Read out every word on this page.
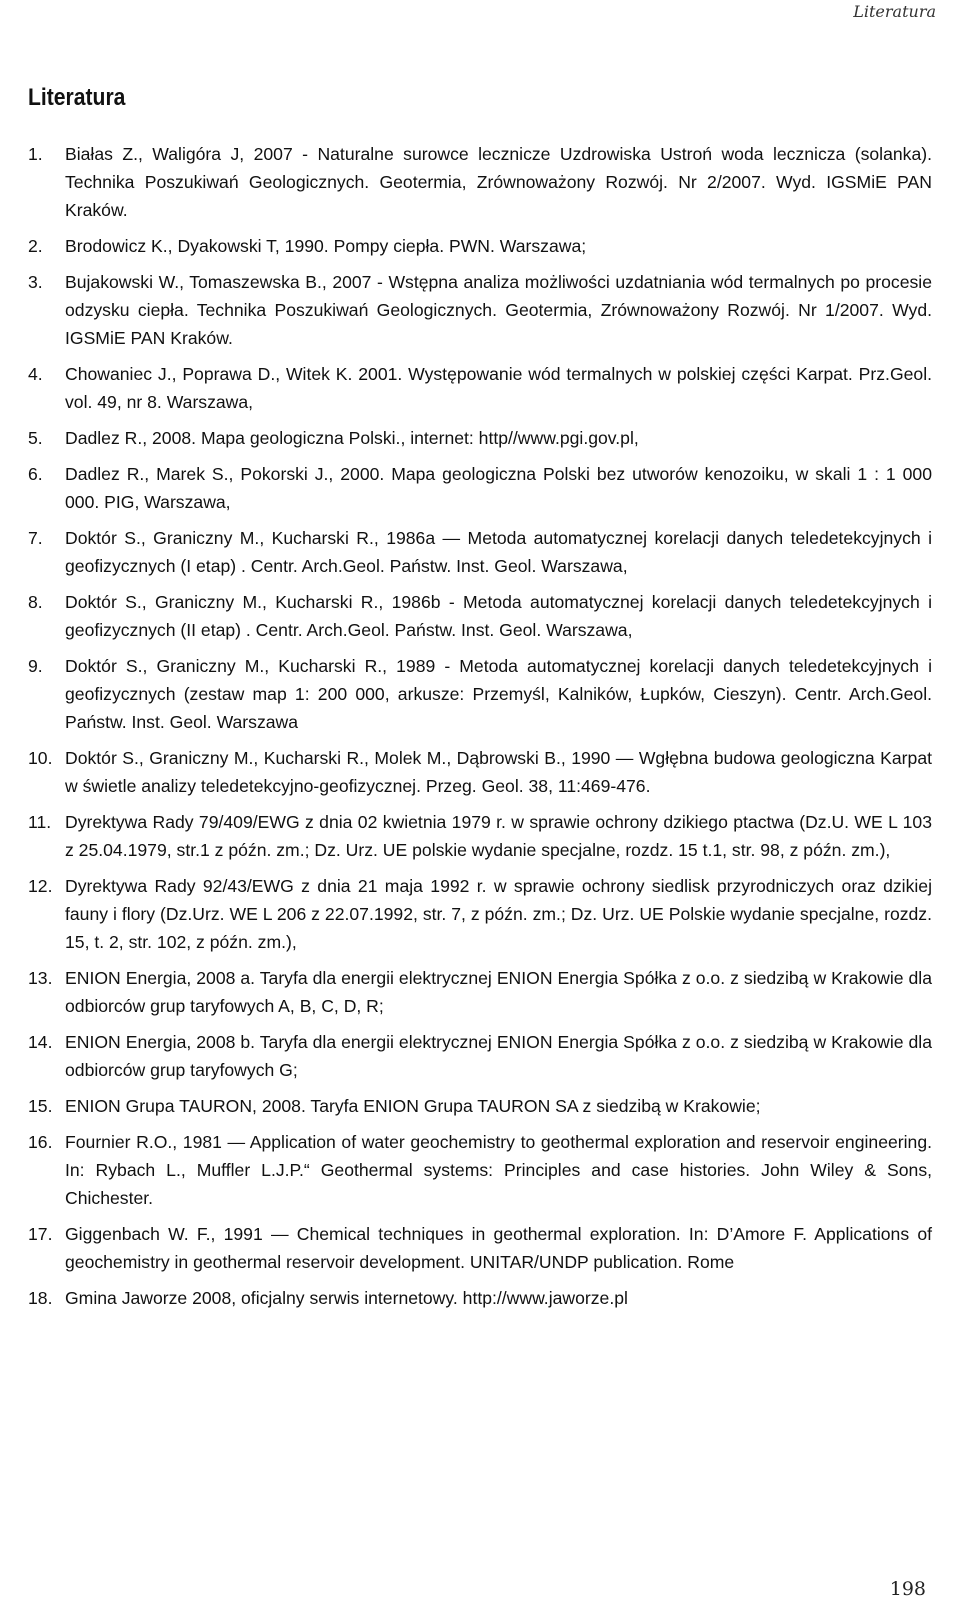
Literatura
Literatura
1.	Białas Z., Waligóra J, 2007 - Naturalne surowce lecznicze Uzdrowiska Ustroń woda lecznicza (solanka). Technika Poszukiwań Geologicznych. Geotermia, Zrównoważony Rozwój. Nr 2/2007. Wyd. IGSMiE PAN Kraków.
2.	Brodowicz K., Dyakowski T, 1990. Pompy ciepła. PWN. Warszawa;
3.	Bujakowski W., Tomaszewska B., 2007 - Wstępna analiza możliwości uzdatniania wód termalnych po procesie odzysku ciepła. Technika Poszukiwań Geologicznych. Geotermia, Zrównoważony Rozwój. Nr 1/2007. Wyd. IGSMiE PAN Kraków.
4.	Chowaniec J., Poprawa D., Witek K. 2001. Występowanie wód termalnych w polskiej części Karpat. Prz.Geol. vol. 49, nr 8. Warszawa,
5.	Dadlez R., 2008. Mapa geologiczna Polski., internet: http//www.pgi.gov.pl,
6.	Dadlez R., Marek S., Pokorski J., 2000. Mapa geologiczna Polski bez utworów kenozoiku, w skali 1 : 1 000 000. PIG, Warszawa,
7.	Doktór S., Graniczny M., Kucharski R., 1986a — Metoda automatycznej korelacji danych teledetekcyjnych i geofizycznych (I etap) . Centr. Arch.Geol. Państw. Inst. Geol. Warszawa,
8.	Doktór S., Graniczny M., Kucharski R., 1986b - Metoda automatycznej korelacji danych teledetekcyjnych i geofizycznych (II etap) . Centr. Arch.Geol. Państw. Inst. Geol. Warszawa,
9.	Doktór S., Graniczny M., Kucharski R., 1989 - Metoda automatycznej korelacji danych teledetekcyjnych i geofizycznych (zestaw map 1: 200 000, arkusze: Przemyśl, Kalników, Łupków, Cieszyn). Centr. Arch.Geol. Państw. Inst. Geol. Warszawa
10. Doktór S., Graniczny M., Kucharski R., Molek M., Dąbrowski B., 1990 — Wgłębna budowa geologiczna Karpat w świetle analizy teledetekcyjno-geofizycznej. Przeg. Geol. 38, 11:469-476.
11. Dyrektywa Rady 79/409/EWG z dnia 02 kwietnia 1979 r. w sprawie ochrony dzikiego ptactwa (Dz.U. WE L 103 z 25.04.1979, str.1 z późn. zm.; Dz. Urz. UE polskie wydanie specjalne, rozdz. 15 t.1, str. 98, z późn. zm.),
12. Dyrektywa Rady 92/43/EWG z dnia 21 maja 1992 r. w sprawie ochrony siedlisk przyrodniczych oraz dzikiej fauny i flory (Dz.Urz. WE L 206 z 22.07.1992, str. 7, z późn. zm.; Dz. Urz. UE Polskie wydanie specjalne, rozdz. 15, t. 2, str. 102, z późn. zm.),
13. ENION Energia, 2008 a. Taryfa dla energii elektrycznej ENION Energia Spółka z o.o. z siedzibą w Krakowie dla odbiorców grup taryfowych A, B, C, D, R;
14. ENION Energia, 2008 b. Taryfa dla energii elektrycznej ENION Energia Spółka z o.o. z siedzibą w Krakowie dla odbiorców grup taryfowych G;
15. ENION Grupa TAURON, 2008. Taryfa ENION Grupa TAURON SA z siedzibą w Krakowie;
16. Fournier R.O., 1981 — Application of water geochemistry to geothermal exploration and reservoir engineering. In: Rybach L., Muffler L.J.P.“ Geothermal systems: Principles and case histories. John Wiley & Sons, Chichester.
17. Giggenbach W. F., 1991 — Chemical techniques in geothermal exploration. In: D’Amore F. Applications of geochemistry in geothermal reservoir development. UNITAR/UNDP publication. Rome
18. Gmina Jaworze 2008, oficjalny serwis internetowy. http://www.jaworze.pl
198
